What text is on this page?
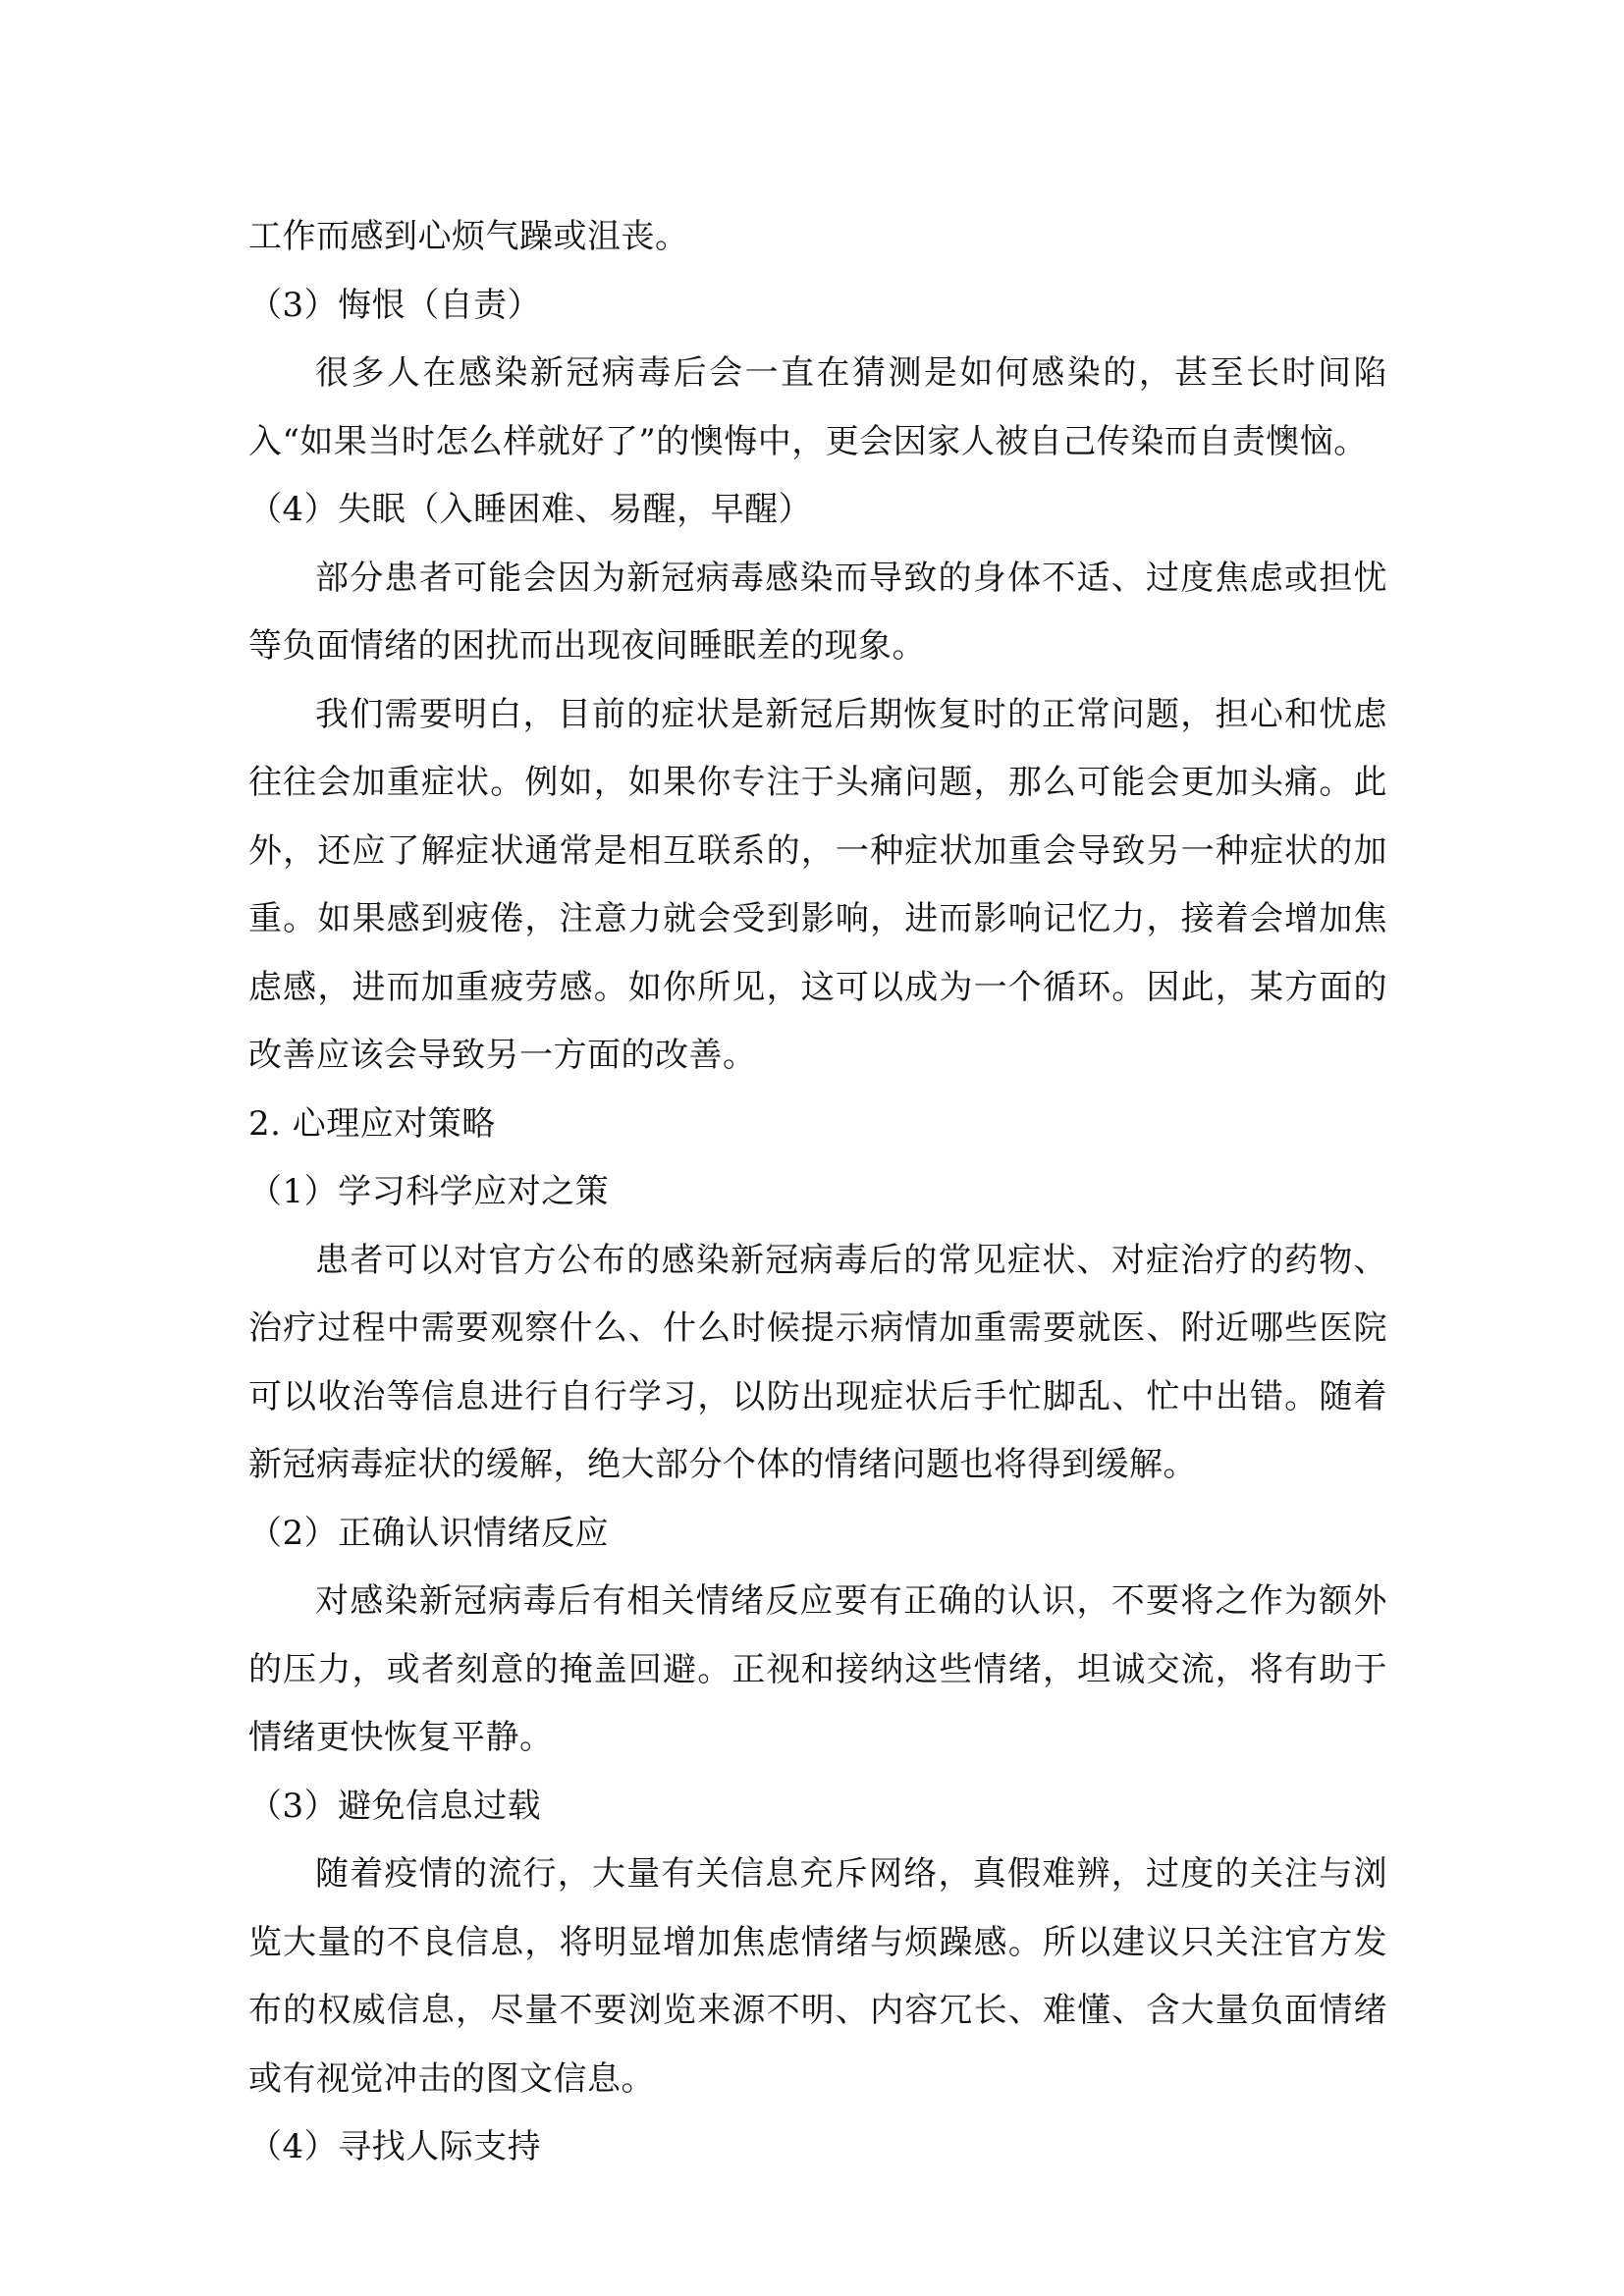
工作而感到心烦气躁或沮丧。

（3）悔恨（自责）

很多人在感染新冠病毒后会一直在猜测是如何感染的，甚至长时间陷入“如果当时怎么样就好了”的懊悔中，更会因家人被自己传染而自责懊恼。

（4）失眠（入睡困难、易醒，早醒）

部分患者可能会因为新冠病毒感染而导致的身体不适、过度焦虑或担忧等负面情绪的困扰而出现夜间睡眠差的现象。

我们需要明白，目前的症状是新冠后期恢复时的正常问题，担心和忧虑往往会加重症状。例如，如果你专注于头痛问题，那么可能会更加头痛。此外，还应了解症状通常是相互联系的，一种症状加重会导致另一种症状的加重。如果感到疲倦，注意力就会受到影响，进而影响记忆力，接着会增加焦虑感，进而加重疲劳感。如你所见，这可以成为一个循环。因此，某方面的改善应该会导致另一方面的改善。

2. 心理应对策略

（1）学习科学应对之策

患者可以对官方公布的感染新冠病毒后的常见症状、对症治疗的药物、治疗过程中需要观察什么、什么时候提示病情加重需要就医、附近哪些医院可以收治等信息进行自行学习，以防出现症状后手忙脚乱、忙中出错。随着新冠病毒症状的缓解，绝大部分个体的情绪问题也将得到缓解。

（2）正确认识情绪反应

对感染新冠病毒后有相关情绪反应要有正确的认识，不要将之作为额外的压力，或者刻意的掩盖回避。正视和接纳这些情绪，坦诚交流，将有助于情绪更快恢复平静。

（3）避免信息过载

随着疫情的流行，大量有关信息充斥网络，真假难辨，过度的关注与浏览大量的不良信息，将明显增加焦虑情绪与烦躁感。所以建议只关注官方发布的权威信息，尽量不要浏览来源不明、内容冗长、难懂、含大量负面情绪或有视觉冲击的图文信息。

（4）寻找人际支持
